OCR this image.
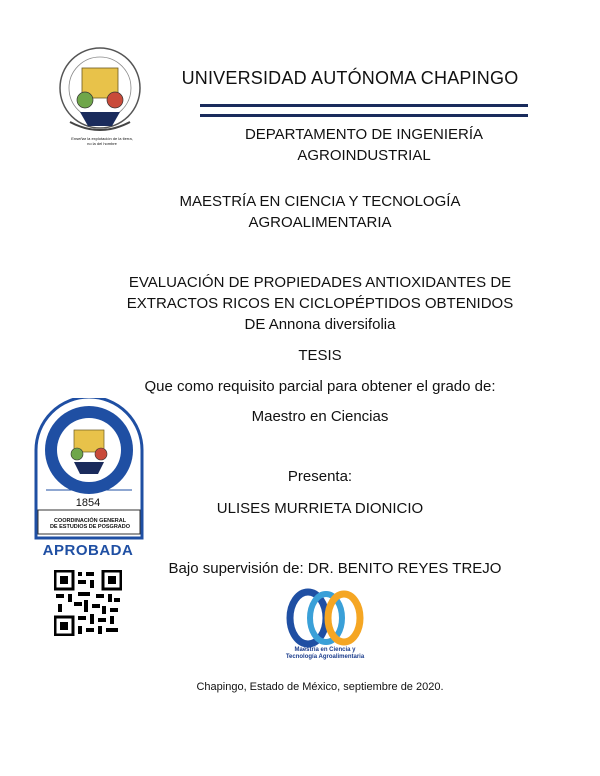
Enseñar la explotación de la tierra,
no la del hombre
UNIVERSIDAD AUTÓNOMA CHAPINGO
DEPARTAMENTO DE INGENIERÍA
AGROINDUSTRIAL
MAESTRÍA EN CIENCIA Y TECNOLOGÍA
AGROALIMENTARIA
EVALUACIÓN DE PROPIEDADES ANTIOXIDANTES DE
EXTRACTOS RICOS EN CICLOPÉPTIDOS OBTENIDOS
DE Annona diversifolia
TESIS
Que como requisito parcial para obtener el grado de:
Maestro en Ciencias
Presenta:
ULISES MURRIETA DIONICIO
1854
COORDINACIÓN GENERAL
DE ESTUDIOS DE POSGRADO
APROBADA
Bajo supervisión de: DR. BENITO REYES TREJO
Maestría en Ciencia y
Tecnología Agroalimentaria
Chapingo, Estado de México, septiembre de 2020.
